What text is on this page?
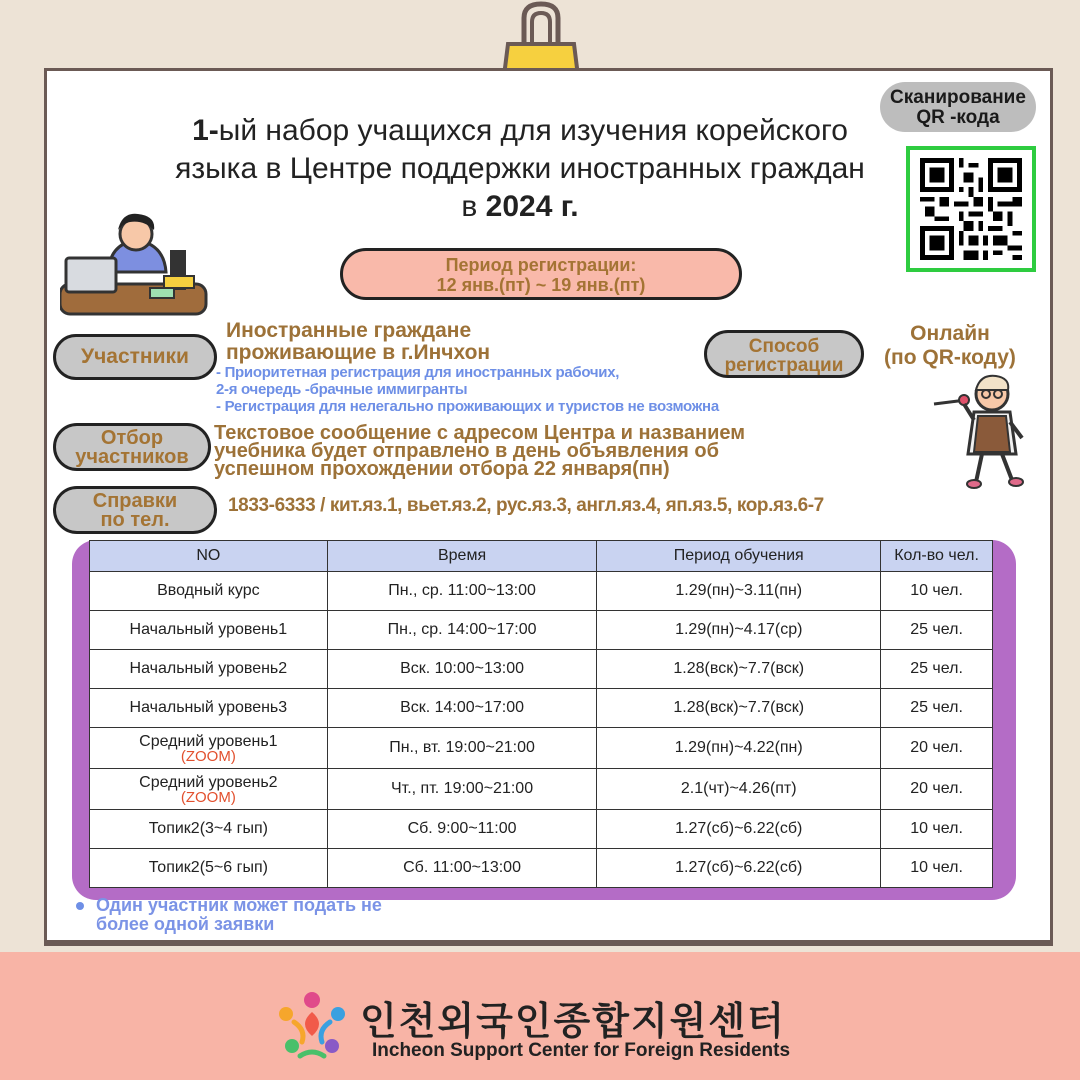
1-ый набор учащихся для изучения корейского
языка в Центре поддержки иностранных граждан
в 2024 г.
Сканирование
QR -кода
Период регистрации:
12 янв.(пт) ~ 19 янв.(пт)
Участники
Иностранные граждане
проживающие в г.Инчхон
- Приоритетная регистрация для иностранных рабочих,
2-я очередь -брачные иммигранты
- Регистрация для нелегально проживающих и туристов не возможна
Способ
регистрации
Онлайн
(по QR-коду)
Отбор
участников
Текстовое сообщение с адресом Центра и названием
учебника будет отправлено в день объявления об
успешном прохождении отбора 22 января(пн)
Справки
по тел.
1833-6333 / кит.яз.1, вьет.яз.2, рус.яз.3, англ.яз.4, яп.яз.5, кор.яз.6-7
NO	Время	Период обучения	Кол-во чел.
Вводный курс	Пн., ср. 11:00~13:00	1.29(пн)~3.11(пн)	10 чел.
Начальный уровень1	Пн., ср. 14:00~17:00	1.29(пн)~4.17(ср)	25 чел.
Начальный уровень2	Вск. 10:00~13:00	1.28(вск)~7.7(вск)	25 чел.
Начальный уровень3	Вск. 14:00~17:00	1.28(вск)~7.7(вск)	25 чел.

Средний уровень1
(ZOOM)	Пн., вт. 19:00~21:00	1.29(пн)~4.22(пн)	20 чел.

Средний уровень2
(ZOOM)	Чт., пт. 19:00~21:00	2.1(чт)~4.26(пт)	20 чел.
Топик2(3~4 гып)	Сб. 9:00~11:00	1.27(сб)~6.22(сб)	10 чел.
Топик2(5~6 гып)	Сб. 11:00~13:00	1.27(сб)~6.22(сб)	10 чел.
Один участник может подать не
более одной заявки
인천외국인종합지원센터
Incheon Support Center for Foreign Residents
